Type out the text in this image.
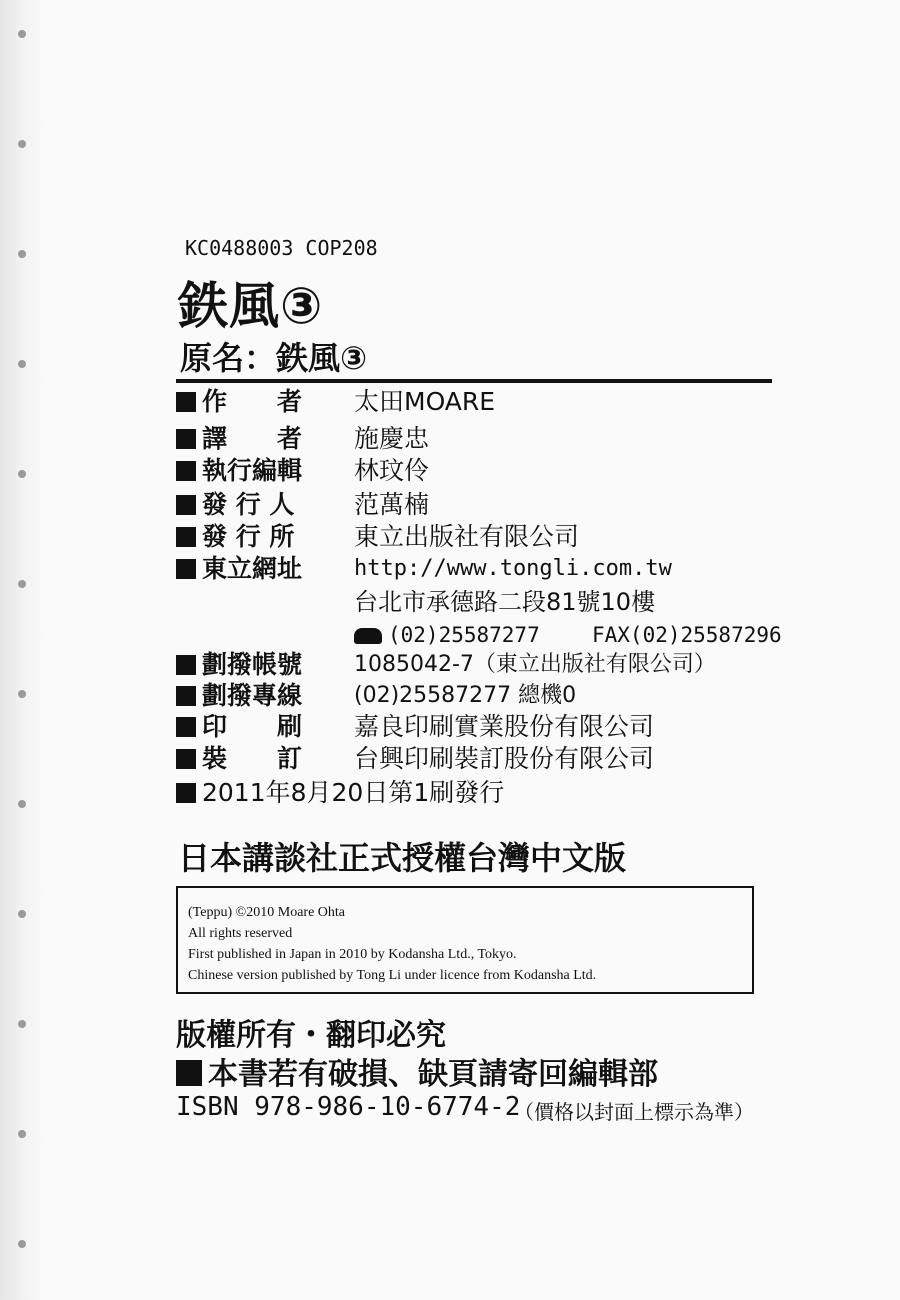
KC0488003 COP208
鉄風③
原名：鉄風③
作　　者	太田MOARE
譯　　者	施慶忠
執行編輯	林玟伶
發 行 人	范萬楠
發 行 所	東立出版社有限公司
東立網址	http://www.tongli.com.tw
台北市承德路二段81號10樓
(02)25587277 FAX(02)25587296
劃撥帳號	1085042-7（東立出版社有限公司）
劃撥專線	(02)25587277 總機0
印　　刷	嘉良印刷實業股份有限公司
裝　　訂	台興印刷裝訂股份有限公司
2011年8月20日第1刷發行
日本講談社正式授權台灣中文版
(Teppu) ©2010 Moare Ohta
All rights reserved
First published in Japan in 2010 by Kodansha Ltd., Tokyo.
Chinese version published by Tong Li under licence from Kodansha Ltd.
版權所有・翻印必究
本書若有破損、缺頁請寄回編輯部
ISBN 978-986-10-6774-2
（價格以封面上標示為準）
